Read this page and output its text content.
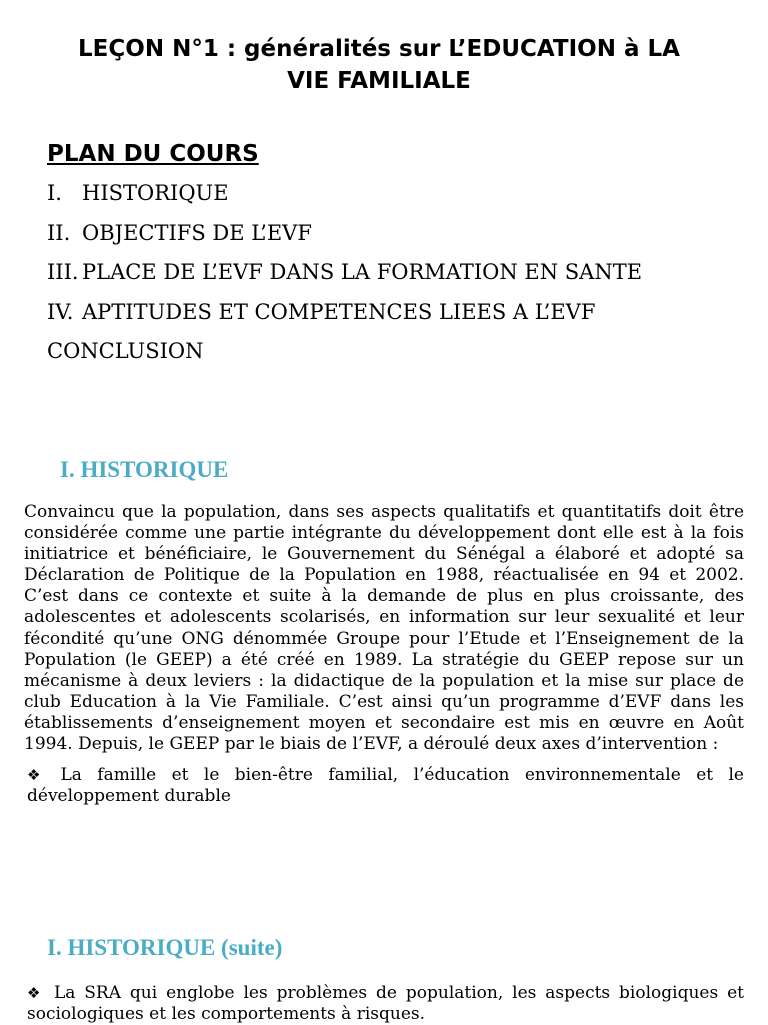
LEÇON N°1 : généralités sur L’EDUCATION à LA
VIE FAMILIALE
PLAN DU COURS
I. HISTORIQUE
II. OBJECTIFS DE L’EVF
III. PLACE DE L’EVF DANS LA FORMATION EN SANTE
IV. APTITUDES ET COMPETENCES LIEES A L’EVF
CONCLUSION
I. HISTORIQUE

Convaincu que la population, dans ses aspects qualitatifs et quantitatifs doit être considérée comme une partie intégrante du développement dont elle est à la fois initiatrice et bénéficiaire, le Gouvernement du Sénégal a élaboré et adopté sa Déclaration de Politique de la Population en 1988, réactualisée en 94 et 2002. C’est dans ce contexte et suite à la demande de plus en plus croissante, des adolescentes et adolescents scolarisés, en information sur leur sexualité et leur fécondité qu’une ONG dénommée Groupe pour l’Etude et l’Enseignement de la Population (le GEEP) a été créé en 1989. La stratégie du GEEP repose sur un mécanisme à deux leviers : la didactique de la population et la mise sur place de club Education à la Vie Familiale. C’est ainsi qu’un programme d’EVF dans les établissements d’enseignement moyen et secondaire est mis en œuvre en Août 1994. Depuis, le GEEP par le biais de l’EVF, a déroulé deux axes d’intervention :

❖ La famille et le bien-être familial, l’éducation environnementale et le développement durable

I. HISTORIQUE (suite)

❖ La SRA qui englobe les problèmes de population, les aspects biologiques et sociologiques et les comportements à risques.
